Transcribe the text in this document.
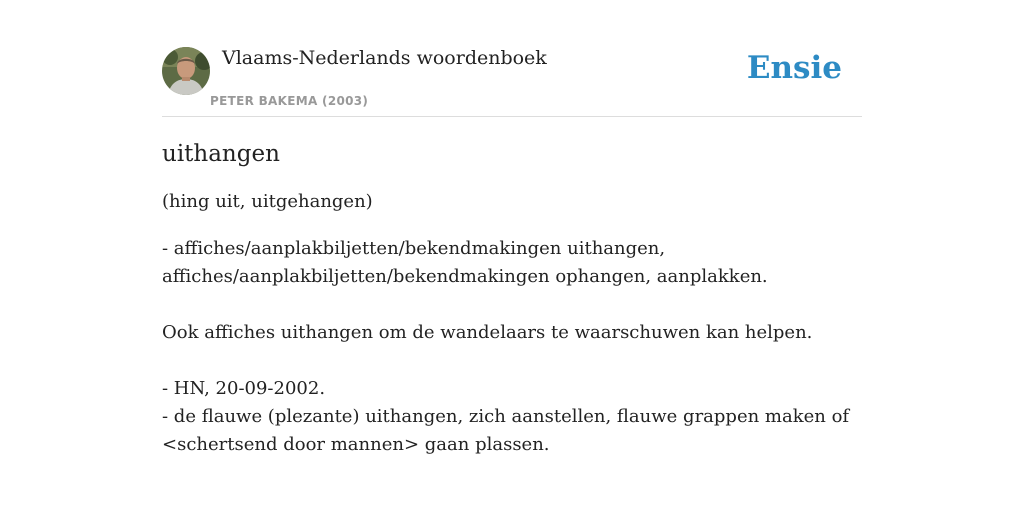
Vlaams-Nederlands woordenboek
PETER BAKEMA (2003)
Ensie
uithangen

(hing uit, uitgehangen)

- affiches/aanplakbiljetten/bekendmakingen uithangen,
affiches/aanplakbiljetten/bekendmakingen ophangen, aanplakken.
Ook affiches uithangen om de wandelaars te waarschuwen kan helpen.
- HN, 20-09-2002.
- de flauwe (plezante) uithangen, zich aanstellen, flauwe grappen maken of
<schertsend door mannen> gaan plassen.
